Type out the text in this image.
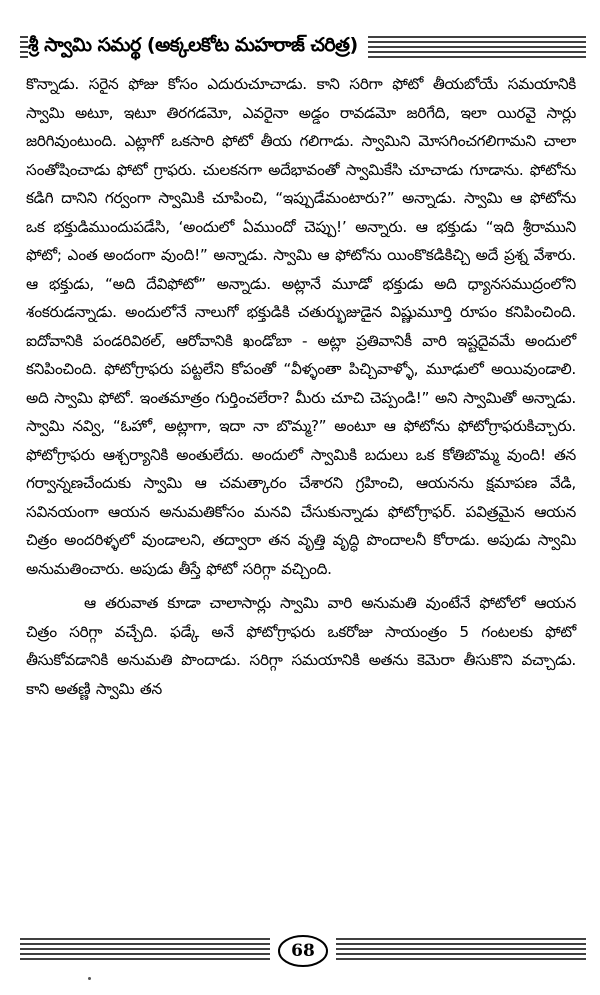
శ్రీ స్వామి సమర్థ (అక్కలకోట మహరాజ్ చరిత్ర)

కొన్నాడు. సరైన ఫోజు కోసం ఎదురుచూచాడు. కాని సరిగా ఫోటో తీయబోయే సమయానికి స్వామి అటూ, ఇటూ తిరగడమో, ఎవరైనా అడ్డం రావడమో జరిగేది, ఇలా యిరవై సార్లు జరిగివుంటుంది. ఎట్లాగో ఒకసారి ఫోటో తీయ గలిగాడు. స్వామిని మోసగించగలిగామని చాలా సంతోషించాడు ఫోటో గ్రాఫరు. చులకనగా అదేభావంతో స్వామికేసి చూచాడు గూడాను. ఫోటోను కడిగి దానిని గర్వంగా స్వామికి చూపించి, “ఇప్పుడేమంటారు?” అన్నాడు. స్వామి ఆ ఫోటోను ఒక భక్తుడిముందుపడేసి, ‘అందులో ఏముందో చెప్పు!’ అన్నారు. ఆ భక్తుడు “ఇది శ్రీరాముని ఫోటో; ఎంత అందంగా వుంది!” అన్నాడు. స్వామి ఆ ఫోటోను యింకొకడికిచ్చి అదే ప్రశ్న వేశారు. ఆ భక్తుడు, “అది దేవిఫోటో” అన్నాడు. అట్లానే మూడో భక్తుడు అది ధ్యానసముద్రంలోని శంకరుడన్నాడు. అందులోనే నాలుగో భక్తుడికి చతుర్భుజుడైన విష్ణుమూర్తి రూపం కనిపించింది. ఐదోవానికి పండరివిఠల్, ఆరోవానికి ఖండోబా - అట్లా ప్రతివానికీ వారి ఇష్టదైవమే అందులో కనిపించింది. ఫోటోగ్రాఫరు పట్టలేని కోపంతో “వీళ్ళంతా పిచ్చివాళ్ళో, మూఢులో అయివుండాలి. అది స్వామి ఫోటో. ఇంతమాత్రం గుర్తించలేరా? మీరు చూచి చెప్పండి!” అని స్వామితో అన్నాడు. స్వామి నవ్వి, “ఓహో, అట్లాగా, ఇదా నా బొమ్మ?” అంటూ ఆ ఫోటోను ఫోటోగ్రాఫరుకిచ్చారు. ఫోటోగ్రాఫరు ఆశ్చర్యానికి అంతులేదు. అందులో స్వామికి బదులు ఒక కోతిబొమ్మ వుంది! తన గర్వాన్నణచేందుకు స్వామి ఆ చమత్కారం చేశారని గ్రహించి, ఆయనను క్షమాపణ వేడి, సవినయంగా ఆయన అనుమతికోసం మనవి చేసుకున్నాడు ఫోటోగ్రాఫర్. పవిత్రమైన ఆయన చిత్రం అందరిళ్ళలో వుండాలని, తద్వారా తన వృత్తి వృద్ధి పొందాలనీ కోరాడు. అపుడు స్వామి అనుమతించారు. అపుడు తీస్తే ఫోటో సరిగ్గా వచ్చింది.

ఆ తరువాత కూడా చాలాసార్లు స్వామి వారి అనుమతి వుంటేనే ఫోటోలో ఆయన చిత్రం సరిగ్గా వచ్చేది. ఫడ్కే అనే ఫోటోగ్రాఫరు ఒకరోజు సాయంత్రం 5 గంటలకు ఫోటో తీసుకోవడానికి అనుమతి పొందాడు. సరిగ్గా సమయానికి అతను కెమెరా తీసుకొని వచ్చాడు. కాని అతణ్ణి స్వామి తన

68
